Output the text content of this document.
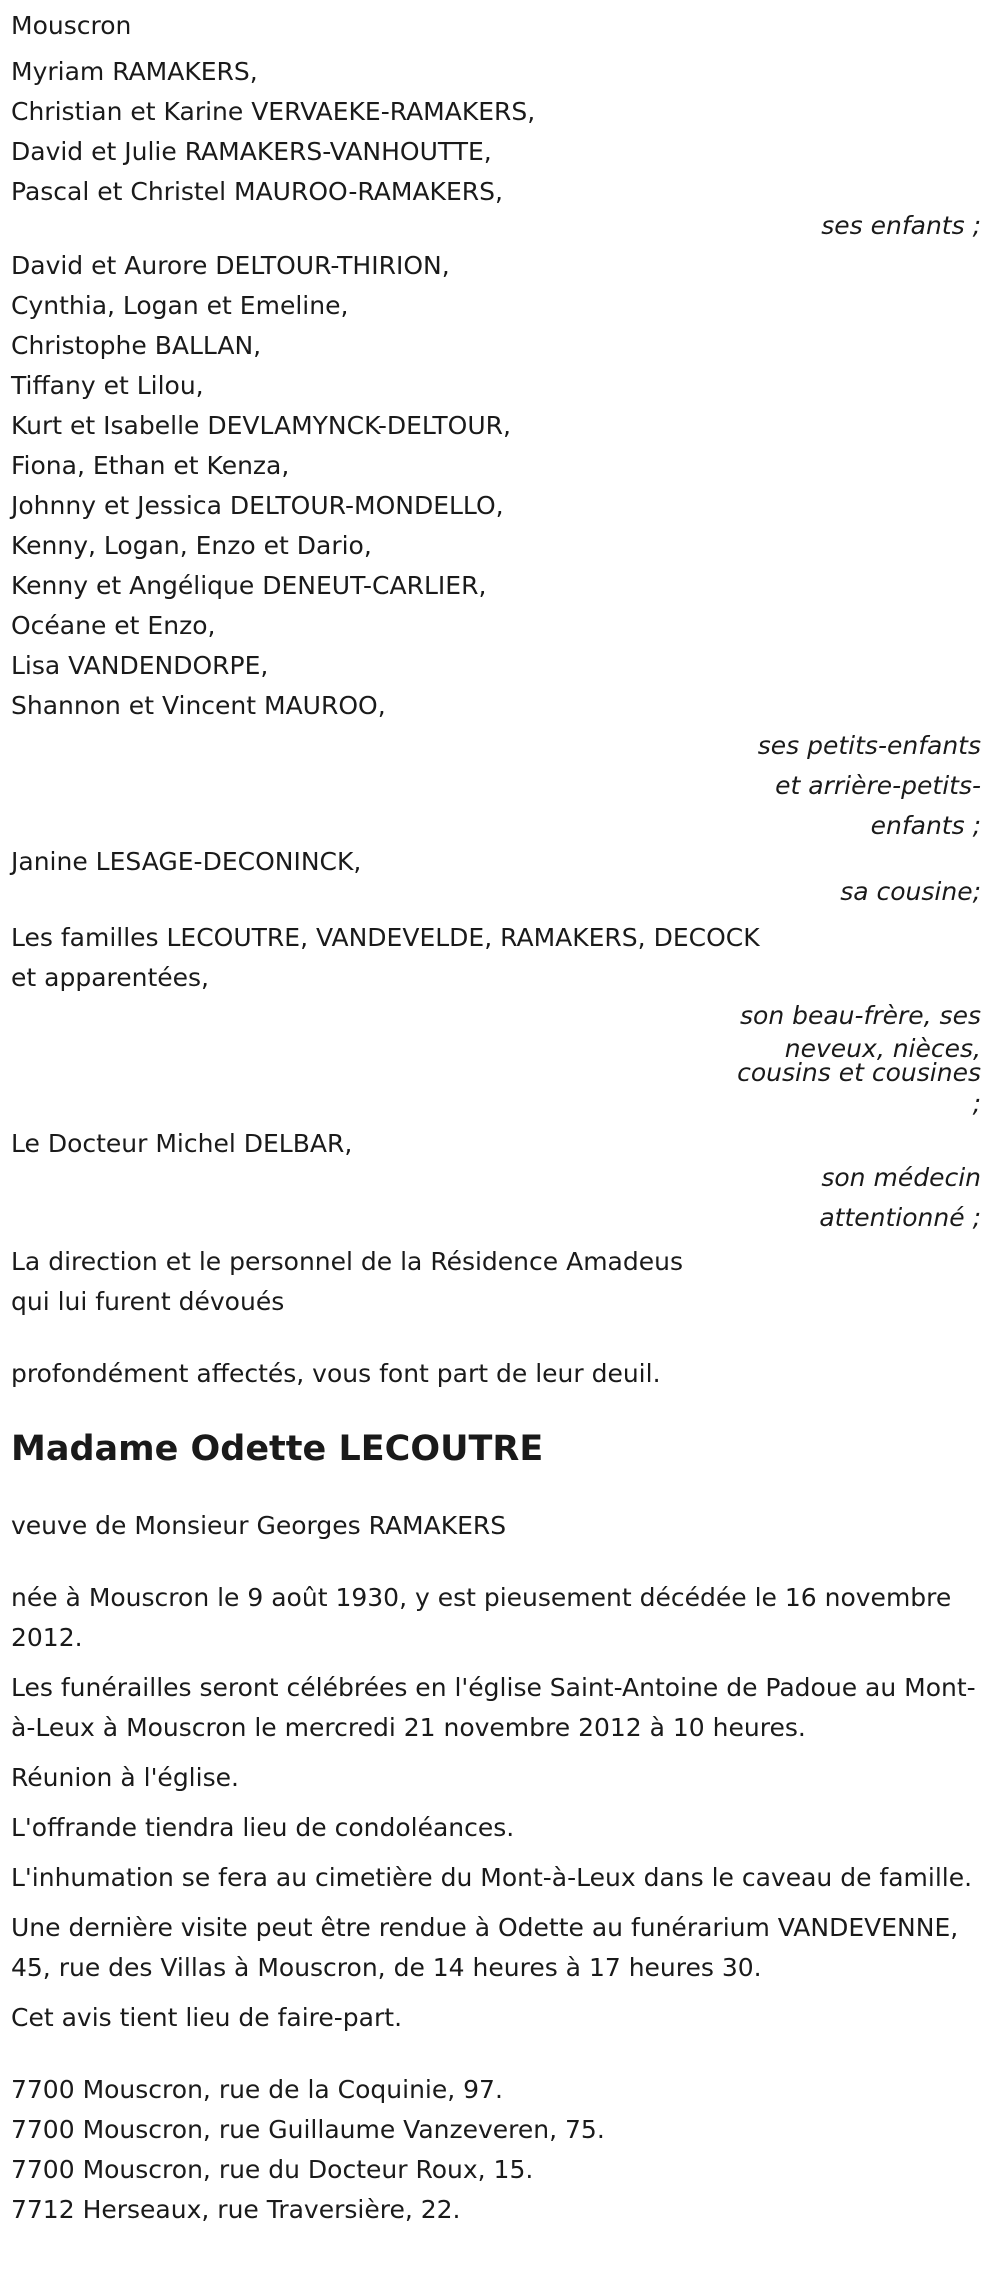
Mouscron
Myriam RAMAKERS,
Christian et Karine VERVAEKE-RAMAKERS,
David et Julie RAMAKERS-VANHOUTTE,
Pascal et Christel MAUROO-RAMAKERS,
ses enfants ;
David et Aurore DELTOUR-THIRION,
Cynthia, Logan et Emeline,
Christophe BALLAN,
Tiffany et Lilou,
Kurt et Isabelle DEVLAMYNCK-DELTOUR,
Fiona, Ethan et Kenza,
Johnny et Jessica DELTOUR-MONDELLO,
Kenny, Logan, Enzo et Dario,
Kenny et Angélique DENEUT-CARLIER,
Océane et Enzo,
Lisa VANDENDORPE,
Shannon et Vincent MAUROO,
ses petits-enfants
et arrière-petits-
enfants ;
Janine LESAGE-DECONINCK,
sa cousine;
Les familles LECOUTRE, VANDEVELDE, RAMAKERS, DECOCK
et apparentées,
son beau-frère, ses
neveux, nièces,
cousins et cousines
;
Le Docteur Michel DELBAR,
son médecin
attentionné ;
La direction et le personnel de la Résidence Amadeus
qui lui furent dévoués
profondément affectés, vous font part de leur deuil.
Madame Odette LECOUTRE
veuve de Monsieur Georges RAMAKERS

née à Mouscron le 9 août 1930, y est pieusement décédée le 16 novembre 2012.

Les funérailles seront célébrées en l'église Saint-Antoine de Padoue au Mont-à-Leux à Mouscron le mercredi 21 novembre 2012 à 10 heures.

Réunion à l'église.

L'offrande tiendra lieu de condoléances.

L'inhumation se fera au cimetière du Mont-à-Leux dans le caveau de famille.

Une dernière visite peut être rendue à Odette au funérarium VANDEVENNE, 45, rue des Villas à Mouscron, de 14 heures à 17 heures 30.

Cet avis tient lieu de faire-part.

7700 Mouscron, rue de la Coquinie, 97.
7700 Mouscron, rue Guillaume Vanzeveren, 75.
7700 Mouscron, rue du Docteur Roux, 15.
7712 Herseaux, rue Traversière, 22.
